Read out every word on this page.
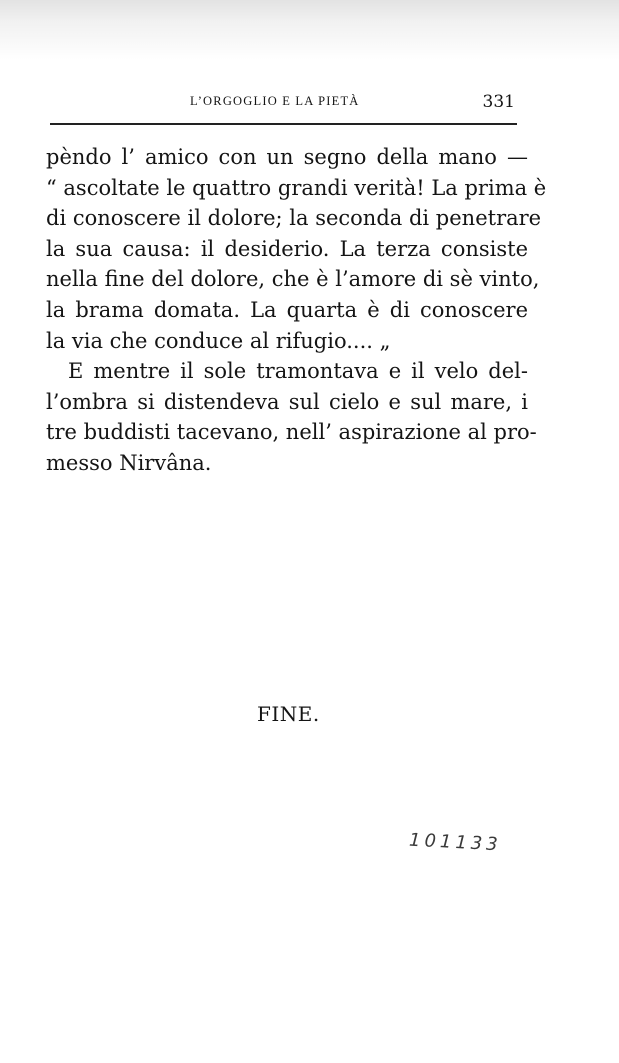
L’ORGOGLIO E LA PIETÀ	331
pèndo l’ amico con un segno della mano —
“ ascoltate le quattro grandi verità! La prima è
di conoscere il dolore; la seconda di penetrare
la sua causa: il desiderio. La terza consiste
nella fine del dolore, che è l’amore di sè vinto,
la brama domata. La quarta è di conoscere
la via che conduce al rifugio.... „
E mentre il sole tramontava e il velo del-
l’ombra si distendeva sul cielo e sul mare, i
tre buddisti tacevano, nell’ aspirazione al pro-
messo Nirvâna.
FINE.
101133
